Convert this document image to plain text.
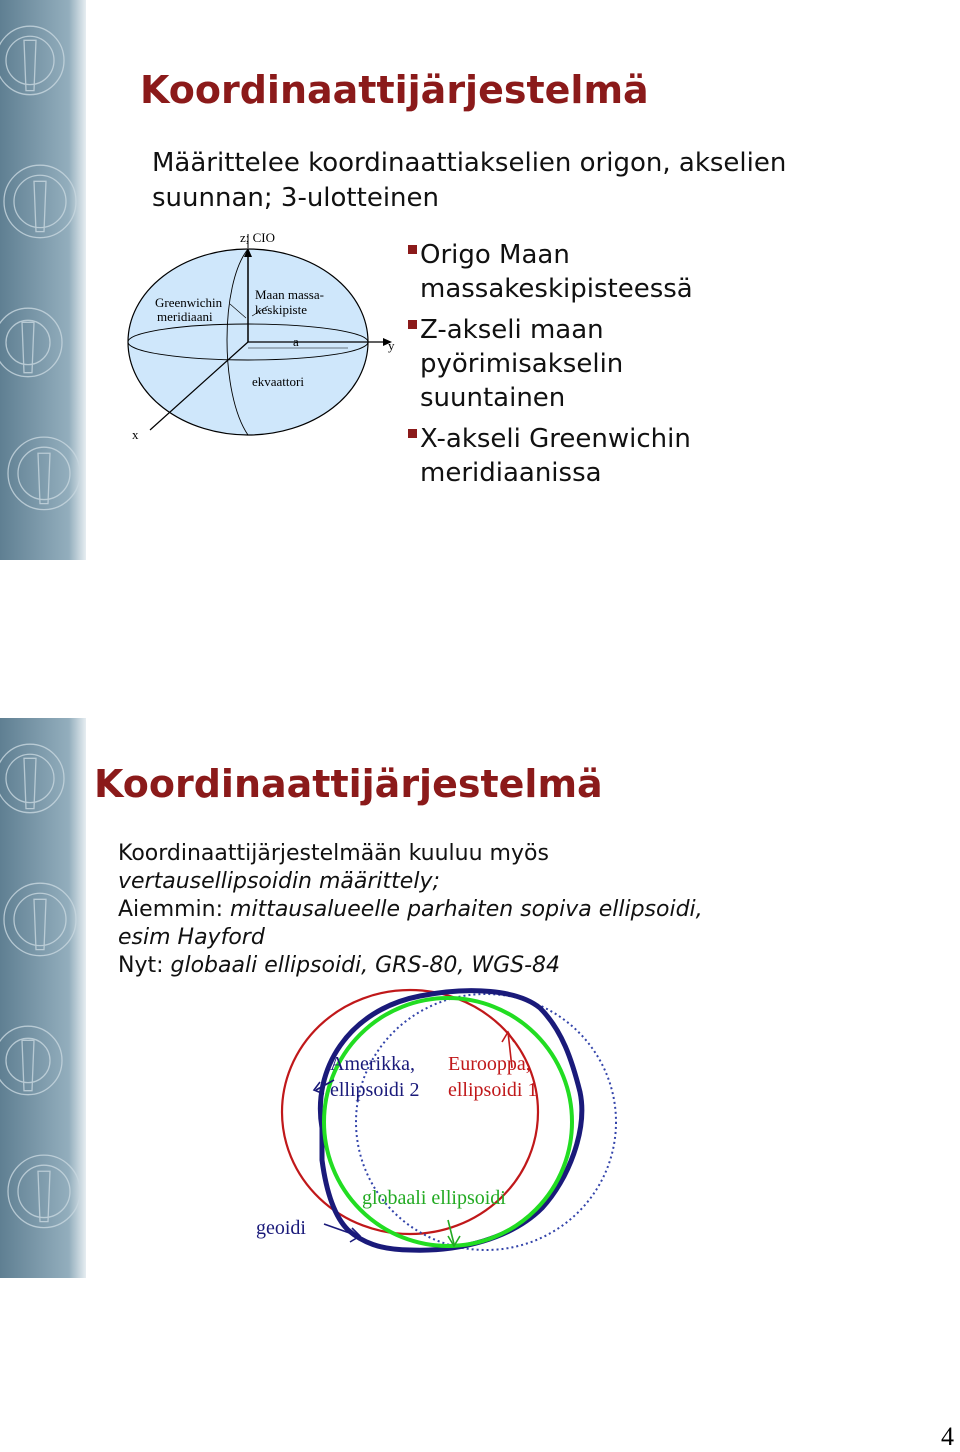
Koordinaattijärjestelmä
Määrittelee koordinaattiakselien origon, akselien suunnan; 3-ulotteinen
z; CIO
Greenwichin
meridiaani
Maan massa-
keskipiste
a
ekvaattori
y
x
Origo Maan massakeskipisteessä
Z-akseli maan pyörimisakselin suuntainen
X-akseli Greenwichin meridiaanissa
Koordinaattijärjestelmä

Koordinaattijärjestelmään kuuluu myös

vertausellipsoidin määrittely;

Aiemmin: mittausalueelle parhaiten sopiva ellipsoidi,

esim Hayford

Nyt: globaali ellipsoidi, GRS-80, WGS-84

Amerikka,
ellipsoidi 2
Eurooppa,
ellipsoidi 1
globaali ellipsoidi
geoidi
4
